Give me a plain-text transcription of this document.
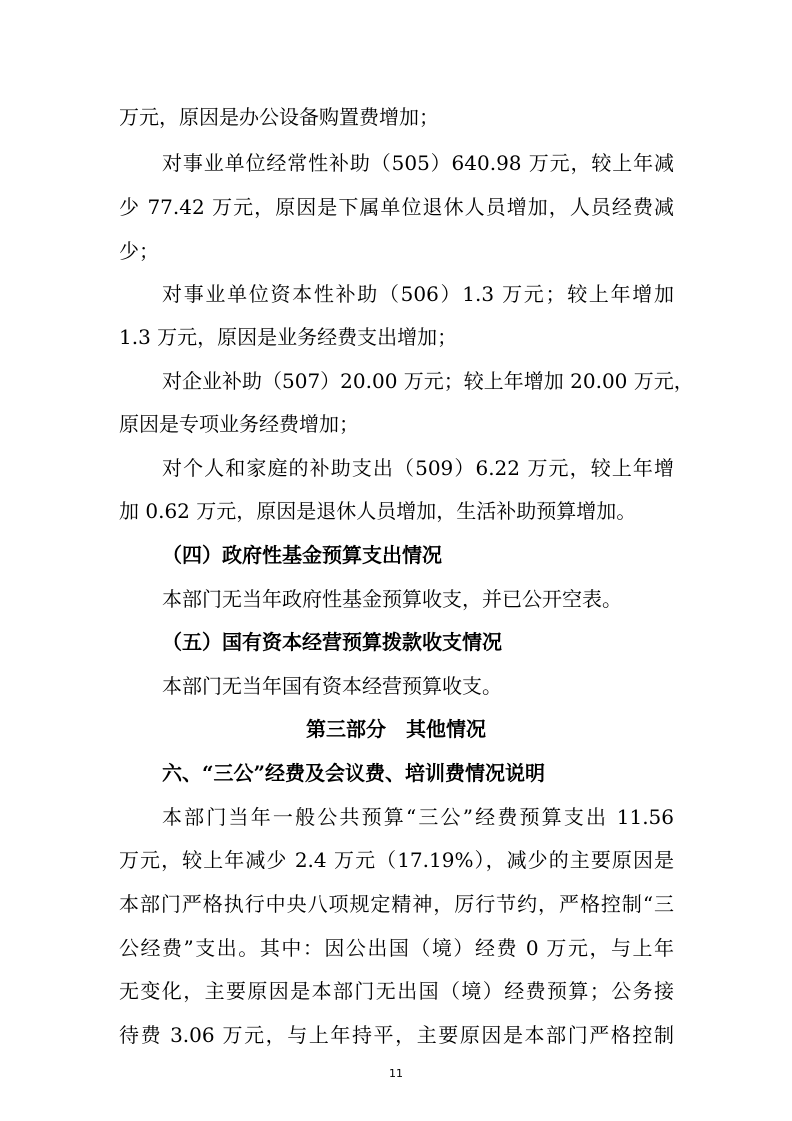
万元，原因是办公设备购置费增加；
对事业单位经常性补助（505）640.98 万元，较上年减
少 77.42 万元，原因是下属单位退休人员增加，人员经费减
少；
对事业单位资本性补助（506）1.3 万元；较上年增加
1.3 万元，原因是业务经费支出增加；
对企业补助（507）20.00 万元；较上年增加 20.00 万元，
原因是专项业务经费增加；
对个人和家庭的补助支出（509）6.22 万元，较上年增
加 0.62 万元，原因是退休人员增加，生活补助预算增加。
（四）政府性基金预算支出情况
本部门无当年政府性基金预算收支，并已公开空表。
（五）国有资本经营预算拨款收支情况
本部门无当年国有资本经营预算收支。
第三部分　其他情况
六、“三公”经费及会议费、培训费情况说明
本部门当年一般公共预算“三公”经费预算支出 11.56
万元，较上年减少 2.4 万元（17.19%），减少的主要原因是
本部门严格执行中央八项规定精神，厉行节约，严格控制“三
公经费”支出。其中：因公出国（境）经费 0 万元，与上年
无变化，主要原因是本部门无出国（境）经费预算；公务接
待费 3.06 万元，与上年持平，主要原因是本部门严格控制
11
